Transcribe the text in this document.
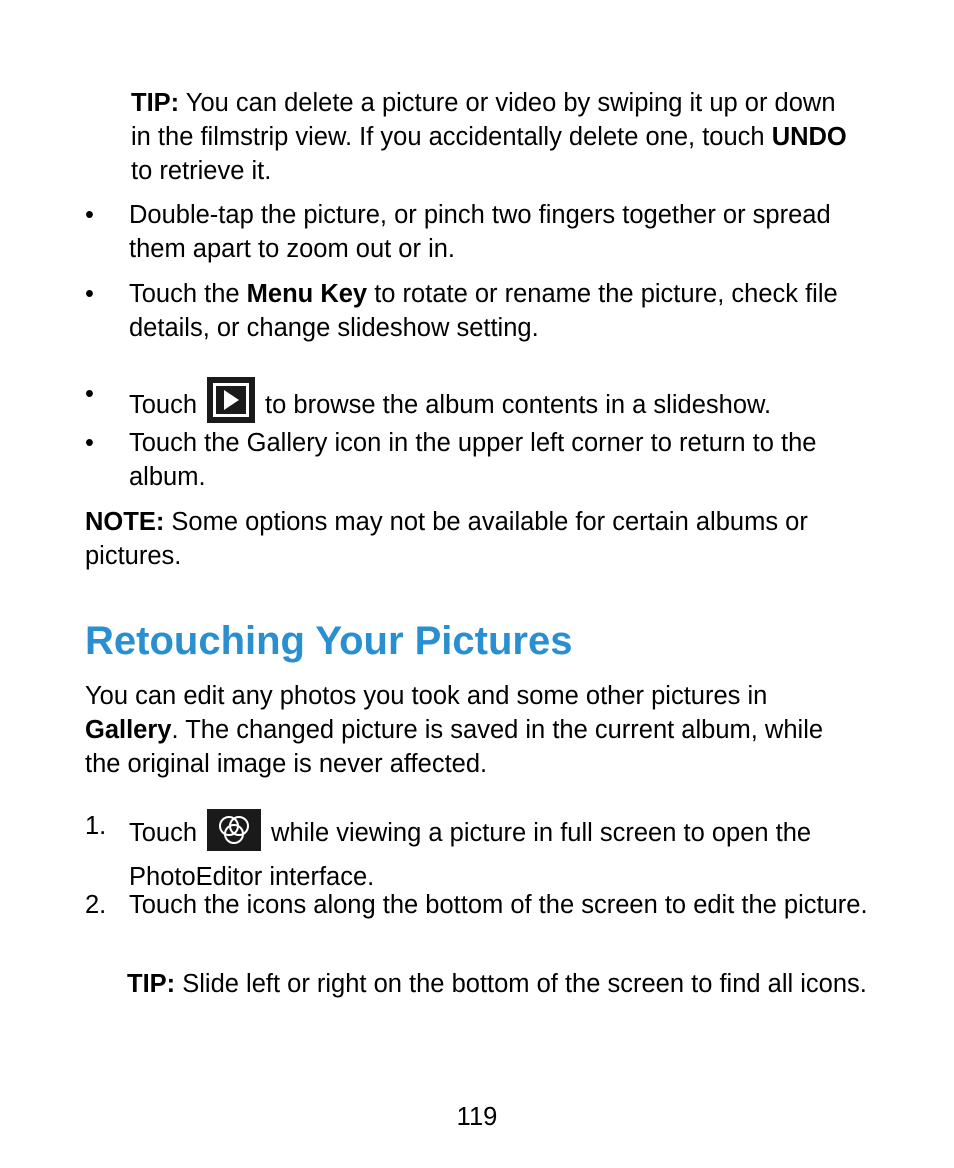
TIP: You can delete a picture or video by swiping it up or down in the filmstrip view. If you accidentally delete one, touch UNDO to retrieve it.
•	Double-tap the picture, or pinch two fingers together or spread them apart to zoom out or in.
•	Touch the Menu Key to rotate or rename the picture, check file details, or change slideshow setting.
•	Touch	to browse the album contents in a slideshow.
•	Touch the Gallery icon in the upper left corner to return to the album.
NOTE: Some options may not be available for certain albums or pictures.
Retouching Your Pictures
You can edit any photos you took and some other pictures in Gallery. The changed picture is saved in the current album, while the original image is never affected.
1. Touch	while viewing a picture in full screen to open the PhotoEditor interface.
2. Touch the icons along the bottom of the screen to edit the picture.
TIP: Slide left or right on the bottom of the screen to find all icons.
119
